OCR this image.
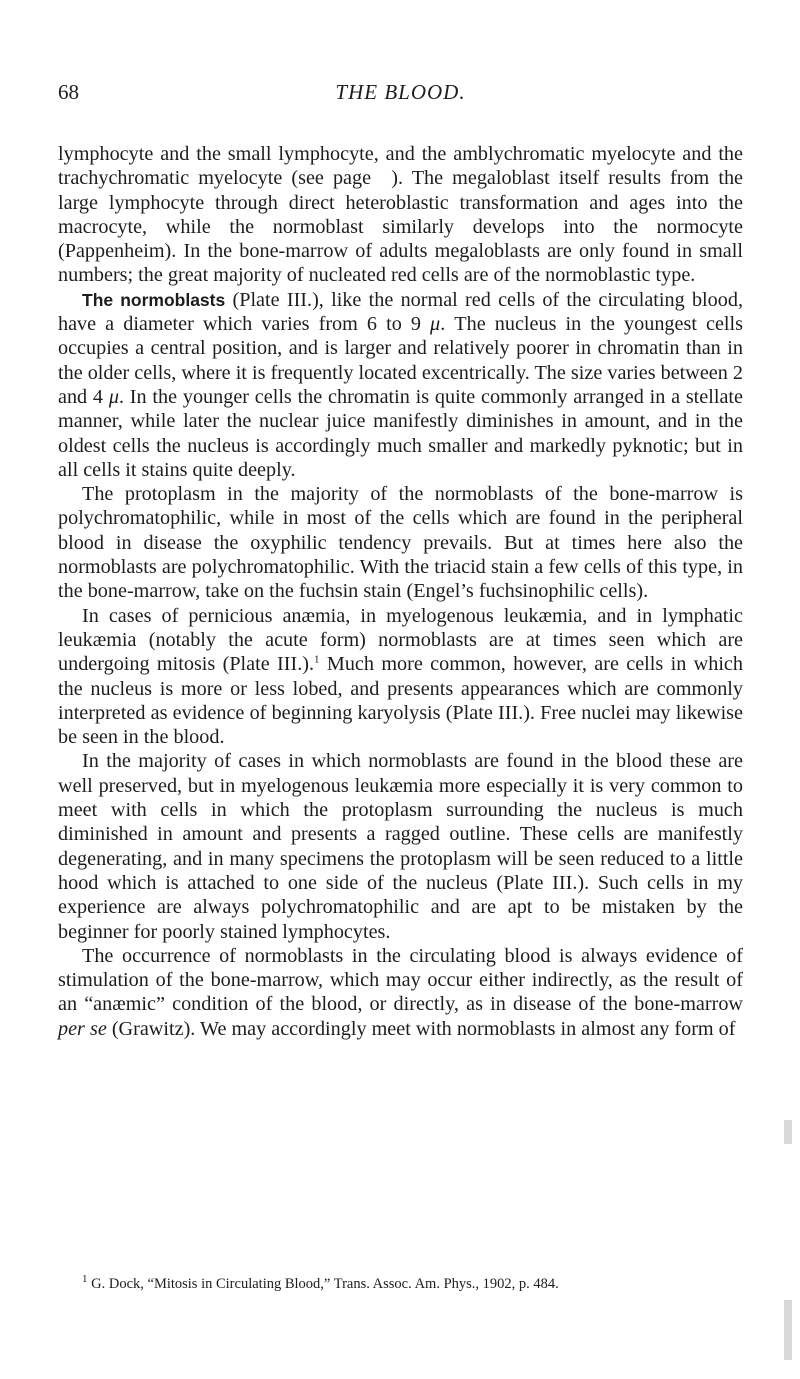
68	THE BLOOD.

lymphocyte and the small lymphocyte, and the amblychromatic myelocyte and the trachychromatic myelocyte (see page ). The megaloblast itself results from the large lymphocyte through direct heteroblastic transformation and ages into the macrocyte, while the normoblast similarly develops into the normocyte (Pappenheim). In the bone-marrow of adults megaloblasts are only found in small numbers; the great majority of nucleated red cells are of the normoblastic type.

The normoblasts (Plate III.), like the normal red cells of the circulating blood, have a diameter which varies from 6 to 9 μ. The nucleus in the youngest cells occupies a central position, and is larger and relatively poorer in chromatin than in the older cells, where it is frequently located excentrically. The size varies between 2 and 4 μ. In the younger cells the chromatin is quite commonly arranged in a stellate manner, while later the nuclear juice manifestly diminishes in amount, and in the oldest cells the nucleus is accordingly much smaller and markedly pyknotic; but in all cells it stains quite deeply.

The protoplasm in the majority of the normoblasts of the bone-marrow is polychromatophilic, while in most of the cells which are found in the peripheral blood in disease the oxyphilic tendency prevails. But at times here also the normoblasts are polychromatophilic. With the triacid stain a few cells of this type, in the bone-marrow, take on the fuchsin stain (Engel’s fuchsinophilic cells).

In cases of pernicious anæmia, in myelogenous leukæmia, and in lymphatic leukæmia (notably the acute form) normoblasts are at times seen which are undergoing mitosis (Plate III.).$^1$ Much more common, however, are cells in which the nucleus is more or less lobed, and presents appearances which are commonly interpreted as evidence of beginning karyolysis (Plate III.). Free nuclei may likewise be seen in the blood.

In the majority of cases in which normoblasts are found in the blood these are well preserved, but in myelogenous leukæmia more especially it is very common to meet with cells in which the protoplasm surrounding the nucleus is much diminished in amount and presents a ragged outline. These cells are manifestly degenerating, and in many specimens the protoplasm will be seen reduced to a little hood which is attached to one side of the nucleus (Plate III.). Such cells in my experience are always polychromatophilic and are apt to be mistaken by the beginner for poorly stained lymphocytes.

The occurrence of normoblasts in the circulating blood is always evidence of stimulation of the bone-marrow, which may occur either indirectly, as the result of an “anæmic” condition of the blood, or directly, as in disease of the bone-marrow per se (Grawitz). We may accordingly meet with normoblasts in almost any form of

$^1$ G. Dock, “Mitosis in Circulating Blood,” Trans. Assoc. Am. Phys., 1902, p. 484.
